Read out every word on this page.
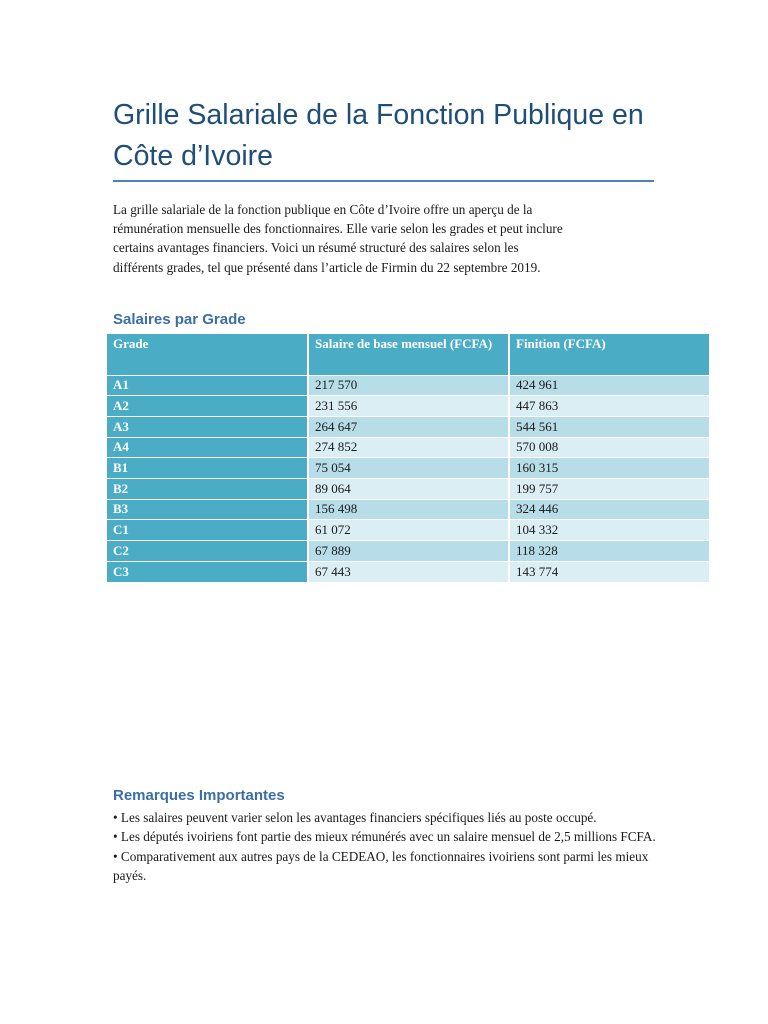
Grille Salariale de la Fonction Publique en Côte d’Ivoire

La grille salariale de la fonction publique en Côte d’Ivoire offre un aperçu de la rémunération mensuelle des fonctionnaires. Elle varie selon les grades et peut inclure certains avantages financiers. Voici un résumé structuré des salaires selon les différents grades, tel que présenté dans l’article de Firmin du 22 septembre 2019.

Salaires par Grade
Grade	Salaire de base mensuel (FCFA)	Finition (FCFA)
A1	217 570	424 961
A2	231 556	447 863
A3	264 647	544 561
A4	274 852	570 008
B1	75 054	160 315
B2	89 064	199 757
B3	156 498	324 446
C1	61 072	104 332
C2	67 889	118 328
C3	67 443	143 774
Remarques Importantes
• Les salaires peuvent varier selon les avantages financiers spécifiques liés au poste occupé.
• Les députés ivoiriens font partie des mieux rémunérés avec un salaire mensuel de 2,5 millions FCFA.
• Comparativement aux autres pays de la CEDEAO, les fonctionnaires ivoiriens sont parmi les mieux payés.
